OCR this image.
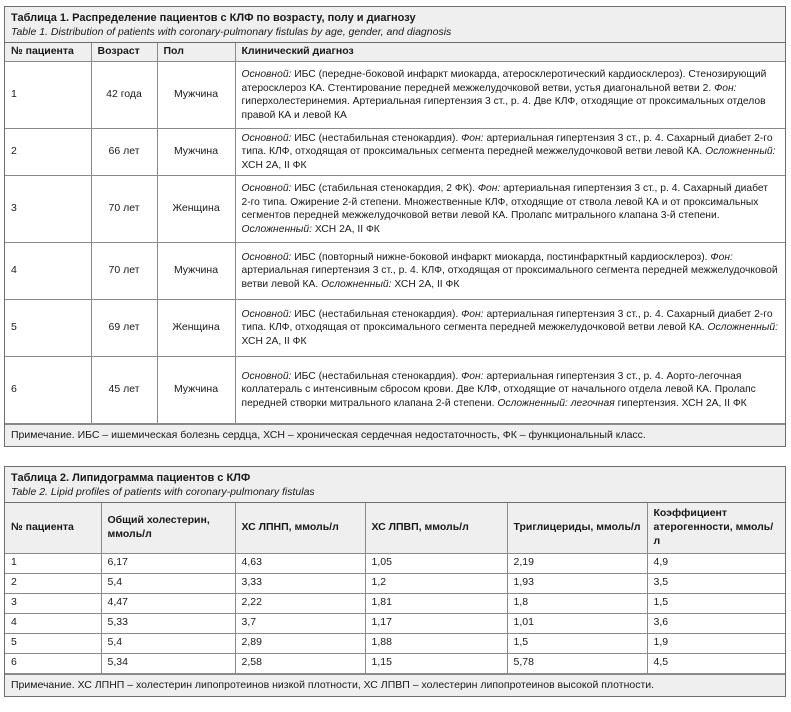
Таблица 1. Распределение пациентов с КЛФ по возрасту, полу и диагнозу
Table 1. Distribution of patients with coronary-pulmonary fistulas by age, gender, and diagnosis
№ пациента	Возраст	Пол	Клинический диагноз
1	42 года	Мужчина	Основной: ИБС (передне-боковой инфаркт миокарда, атеросклеротический кардиосклероз). Стенозирующий атеросклероз КА. Стентирование передней межжелудочковой ветви, устья диагональной ветви 2. Фон: гиперхолестеринемия. Артериальная гипертензия 3 ст., р. 4. Две КЛФ, отходящие от проксимальных отделов правой КА и левой КА
2	66 лет	Мужчина	Основной: ИБС (нестабильная стенокардия). Фон: артериальная гипертензия 3 ст., р. 4. Сахарный диабет 2-го типа. КЛФ, отходящая от проксимальных сегмента передней межжелудочковой ветви левой КА. Осложненный: ХСН 2А, II ФК
3	70 лет	Женщина	Основной: ИБС (стабильная стенокардия, 2 ФК). Фон: артериальная гипертензия 3 ст., р. 4. Сахарный диабет 2-го типа. Ожирение 2-й степени. Множественные КЛФ, отходящие от ствола левой КА и от проксимальных сегментов передней межжелудочковой ветви левой КА. Пролапс митрального клапана 3-й степени. Осложненный: ХСН 2А, II ФК
4	70 лет	Мужчина	Основной: ИБС (повторный нижне-боковой инфаркт миокарда, постинфарктный кардиосклероз). Фон: артериальная гипертензия 3 ст., р. 4. КЛФ, отходящая от проксимального сегмента передней межжелудочковой ветви левой КА. Осложненный: ХСН 2А, II ФК
5	69 лет	Женщина	Основной: ИБС (нестабильная стенокардия). Фон: артериальная гипертензия 3 ст., р. 4. Сахарный диабет 2-го типа. КЛФ, отходящая от проксимального сегмента передней межжелудочковой ветви левой КА. Осложненный: ХСН 2А, II ФК
6	45 лет	Мужчина	Основной: ИБС (нестабильная стенокардия). Фон: артериальная гипертензия 3 ст., р. 4. Аорто-легочная коллатераль с интенсивным сбросом крови. Две КЛФ, отходящие от начального отдела левой КА. Пролапс передней створки митрального клапана 2-й степени. Осложненный: легочная гипертензия. ХСН 2А, II ФК
Примечание. ИБС – ишемическая болезнь сердца, ХСН – хроническая сердечная недостаточность, ФК – функциональный класс.
Таблица 2. Липидограмма пациентов с КЛФ
Table 2. Lipid profiles of patients with coronary-pulmonary fistulas
№ пациента	Общий холестерин, ммоль/л	ХС ЛПНП, ммоль/л	ХС ЛПВП, ммоль/л	Триглицериды, ммоль/л	Коэффициент атерогенности, ммоль/л
1	6,17	4,63	1,05	2,19	4,9
2	5,4	3,33	1,2	1,93	3,5
3	4,47	2,22	1,81	1,8	1,5
4	5,33	3,7	1,17	1,01	3,6
5	5,4	2,89	1,88	1,5	1,9
6	5,34	2,58	1,15	5,78	4,5
Примечание. ХС ЛПНП – холестерин липопротеинов низкой плотности, ХС ЛПВП – холестерин липопротеинов высокой плотности.
